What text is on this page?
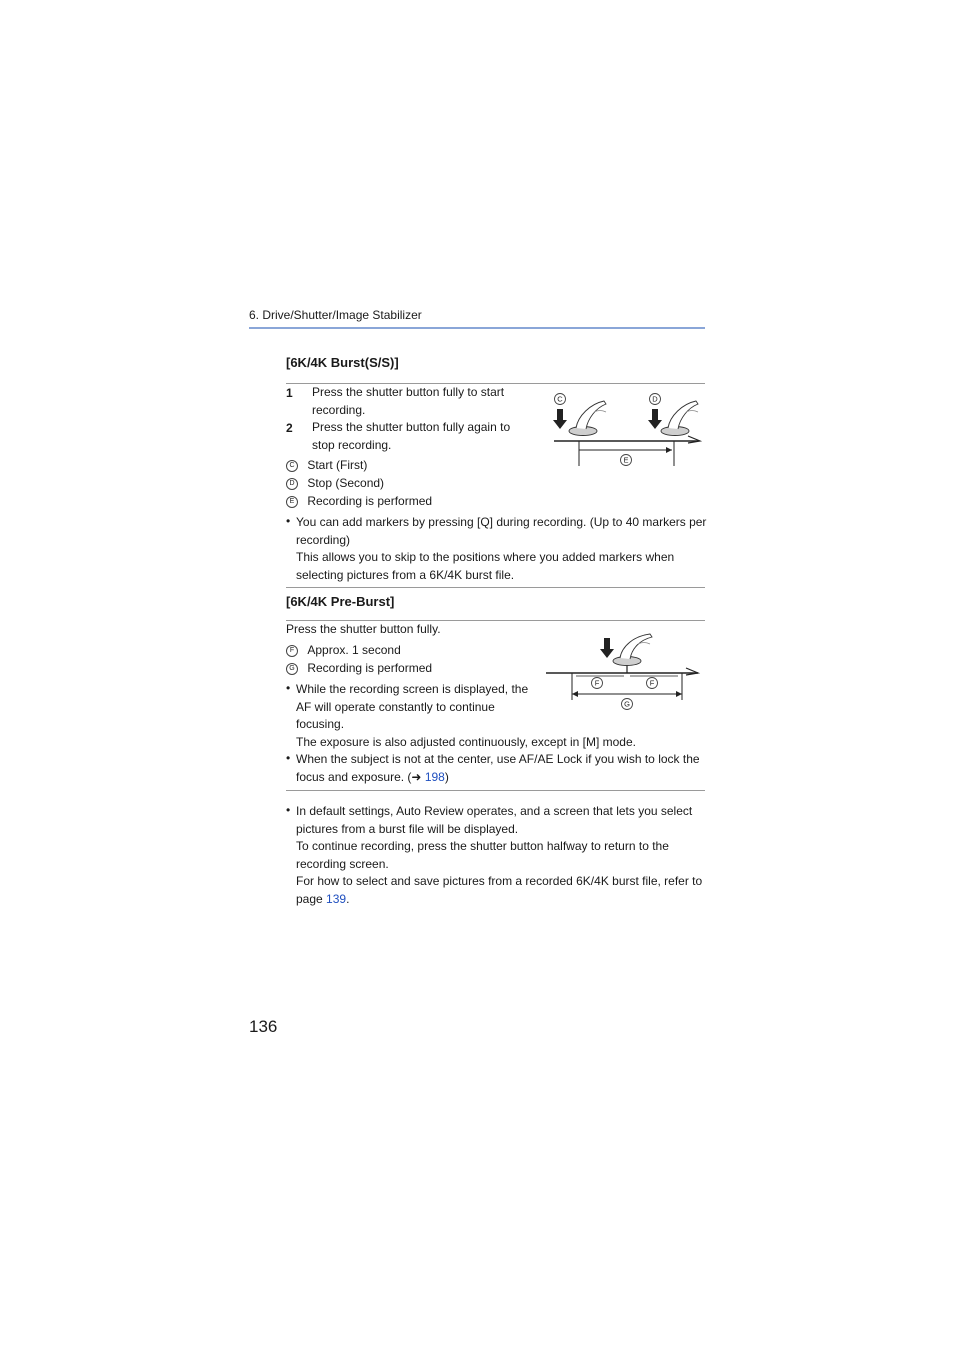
6. Drive/Shutter/Image Stabilizer
[6K/4K Burst(S/S)]
1 Press the shutter button fully to start
recording.
2 Press the shutter button fully again to
stop recording.
C Start (First)
D Stop (Second)
E Recording is performed
• You can add markers by pressing [Q] during recording. (Up to 40 markers per
recording)
This allows you to skip to the positions where you added markers when
selecting pictures from a 6K/4K burst file.
C	D
E
[6K/4K Pre-Burst]
Press the shutter button fully.
F Approx. 1 second
G Recording is performed
• While the recording screen is displayed, the
AF will operate constantly to continue
focusing.
The exposure is also adjusted continuously, except in [M] mode.
• When the subject is not at the center, use AF/AE Lock if you wish to lock the
focus and exposure. (➜ 198)
F	F
G
• In default settings, Auto Review operates, and a screen that lets you select
pictures from a burst file will be displayed.
To continue recording, press the shutter button halfway to return to the
recording screen.
For how to select and save pictures from a recorded 6K/4K burst file, refer to
page 139.
136
